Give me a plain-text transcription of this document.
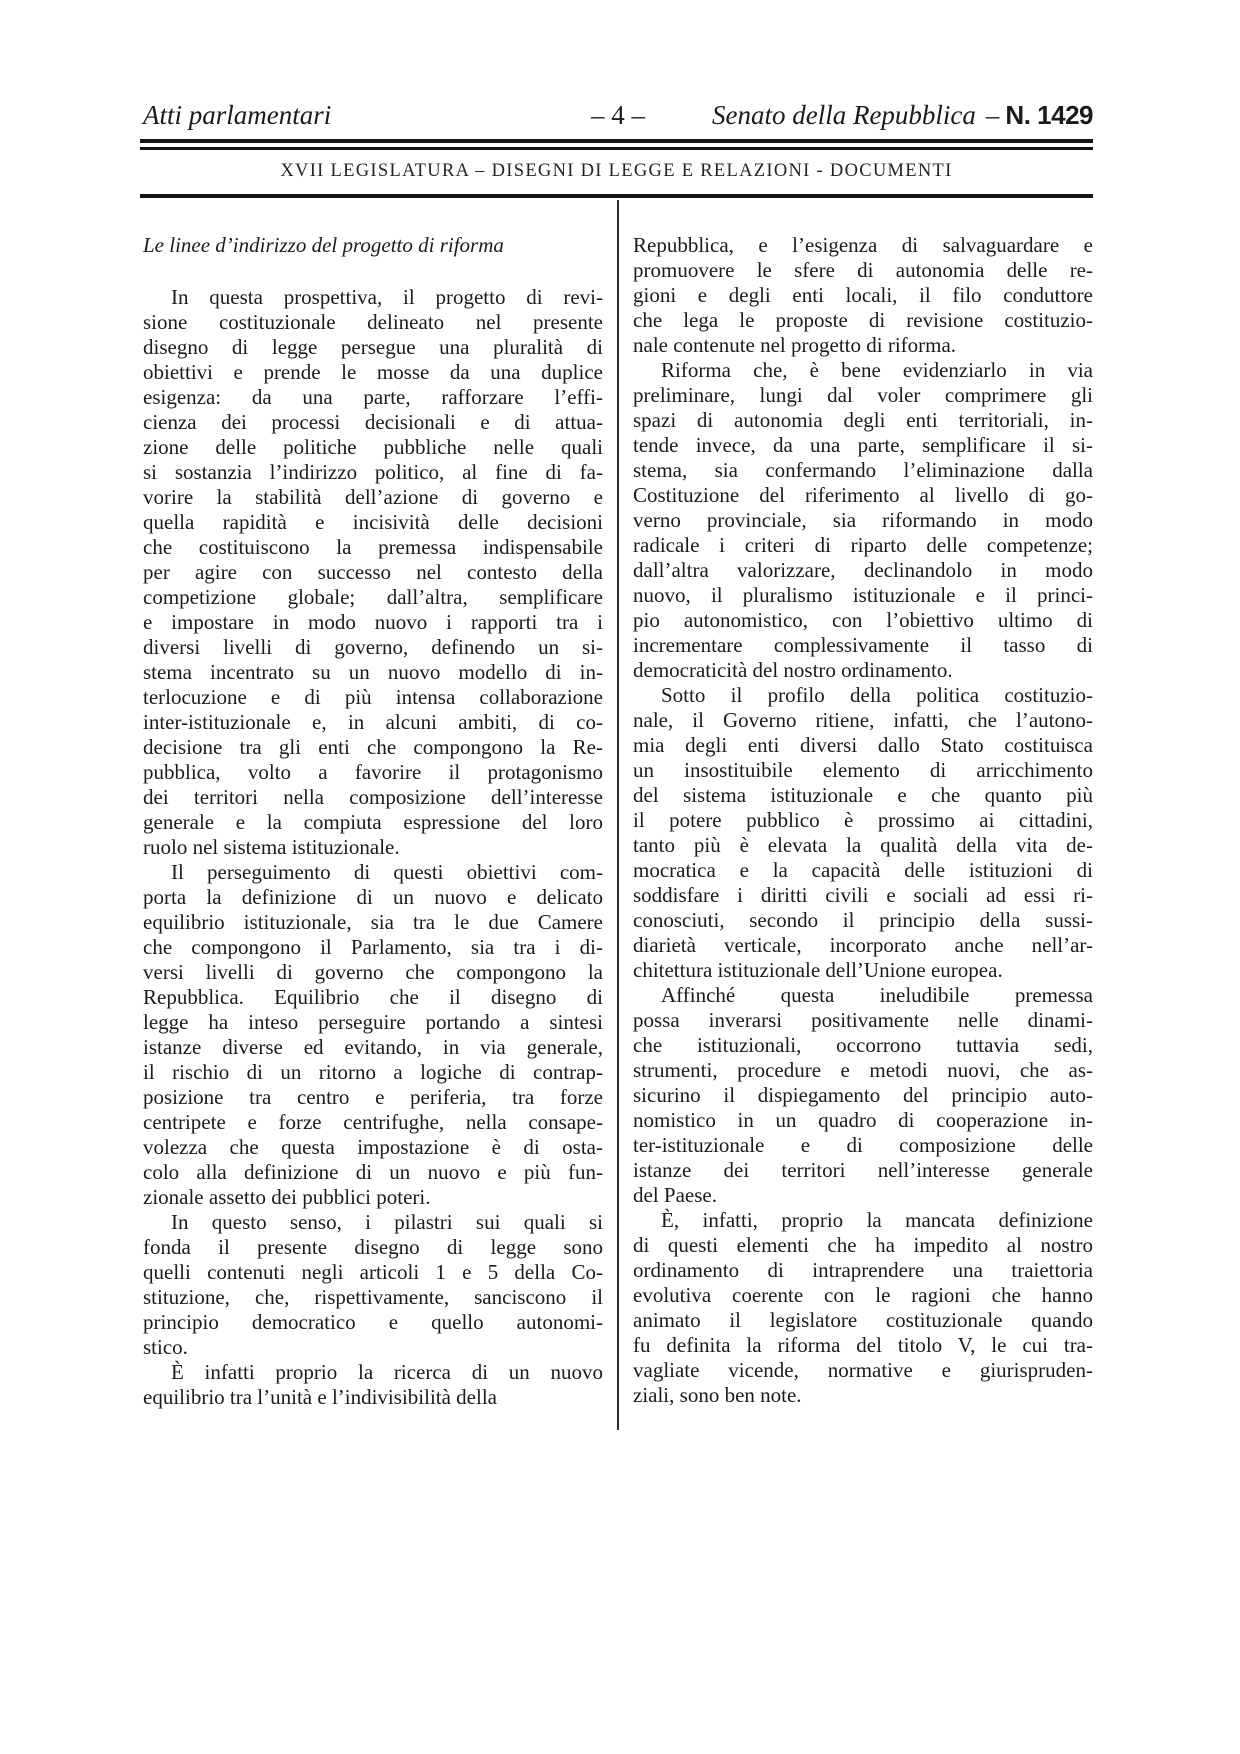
Atti parlamentari	– 4 –	Senato della Repubblica – N. 1429
XVII LEGISLATURA – DISEGNI DI LEGGE E RELAZIONI - DOCUMENTI
Le linee d’indirizzo del progetto di riforma
In questa prospettiva, il progetto di revi-
sione costituzionale delineato nel presente
disegno di legge persegue una pluralità di
obiettivi e prende le mosse da una duplice
esigenza: da una parte, rafforzare l’effi-
cienza dei processi decisionali e di attua-
zione delle politiche pubbliche nelle quali
si sostanzia l’indirizzo politico, al fine di fa-
vorire la stabilità dell’azione di governo e
quella rapidità e incisività delle decisioni
che costituiscono la premessa indispensabile
per agire con successo nel contesto della
competizione globale; dall’altra, semplificare
e impostare in modo nuovo i rapporti tra i
diversi livelli di governo, definendo un si-
stema incentrato su un nuovo modello di in-
terlocuzione e di più intensa collaborazione
inter-istituzionale e, in alcuni ambiti, di co-
decisione tra gli enti che compongono la Re-
pubblica, volto a favorire il protagonismo
dei territori nella composizione dell’interesse
generale e la compiuta espressione del loro
ruolo nel sistema istituzionale.
Il perseguimento di questi obiettivi com-
porta la definizione di un nuovo e delicato
equilibrio istituzionale, sia tra le due Camere
che compongono il Parlamento, sia tra i di-
versi livelli di governo che compongono la
Repubblica. Equilibrio che il disegno di
legge ha inteso perseguire portando a sintesi
istanze diverse ed evitando, in via generale,
il rischio di un ritorno a logiche di contrap-
posizione tra centro e periferia, tra forze
centripete e forze centrifughe, nella consape-
volezza che questa impostazione è di osta-
colo alla definizione di un nuovo e più fun-
zionale assetto dei pubblici poteri.
In questo senso, i pilastri sui quali si
fonda il presente disegno di legge sono
quelli contenuti negli articoli 1 e 5 della Co-
stituzione, che, rispettivamente, sanciscono il
principio democratico e quello autonomi-
stico.
È infatti proprio la ricerca di un nuovo
equilibrio tra l’unità e l’indivisibilità della
Repubblica, e l’esigenza di salvaguardare e
promuovere le sfere di autonomia delle re-
gioni e degli enti locali, il filo conduttore
che lega le proposte di revisione costituzio-
nale contenute nel progetto di riforma.
Riforma che, è bene evidenziarlo in via
preliminare, lungi dal voler comprimere gli
spazi di autonomia degli enti territoriali, in-
tende invece, da una parte, semplificare il si-
stema, sia confermando l’eliminazione dalla
Costituzione del riferimento al livello di go-
verno provinciale, sia riformando in modo
radicale i criteri di riparto delle competenze;
dall’altra valorizzare, declinandolo in modo
nuovo, il pluralismo istituzionale e il princi-
pio autonomistico, con l’obiettivo ultimo di
incrementare complessivamente il tasso di
democraticità del nostro ordinamento.
Sotto il profilo della politica costituzio-
nale, il Governo ritiene, infatti, che l’autono-
mia degli enti diversi dallo Stato costituisca
un insostituibile elemento di arricchimento
del sistema istituzionale e che quanto più
il potere pubblico è prossimo ai cittadini,
tanto più è elevata la qualità della vita de-
mocratica e la capacità delle istituzioni di
soddisfare i diritti civili e sociali ad essi ri-
conosciuti, secondo il principio della sussi-
diarietà verticale, incorporato anche nell’ar-
chitettura istituzionale dell’Unione europea.
Affinché questa ineludibile premessa
possa inverarsi positivamente nelle dinami-
che istituzionali, occorrono tuttavia sedi,
strumenti, procedure e metodi nuovi, che as-
sicurino il dispiegamento del principio auto-
nomistico in un quadro di cooperazione in-
ter-istituzionale e di composizione delle
istanze dei territori nell’interesse generale
del Paese.
È, infatti, proprio la mancata definizione
di questi elementi che ha impedito al nostro
ordinamento di intraprendere una traiettoria
evolutiva coerente con le ragioni che hanno
animato il legislatore costituzionale quando
fu definita la riforma del titolo V, le cui tra-
vagliate vicende, normative e giurispruden-
ziali, sono ben note.
